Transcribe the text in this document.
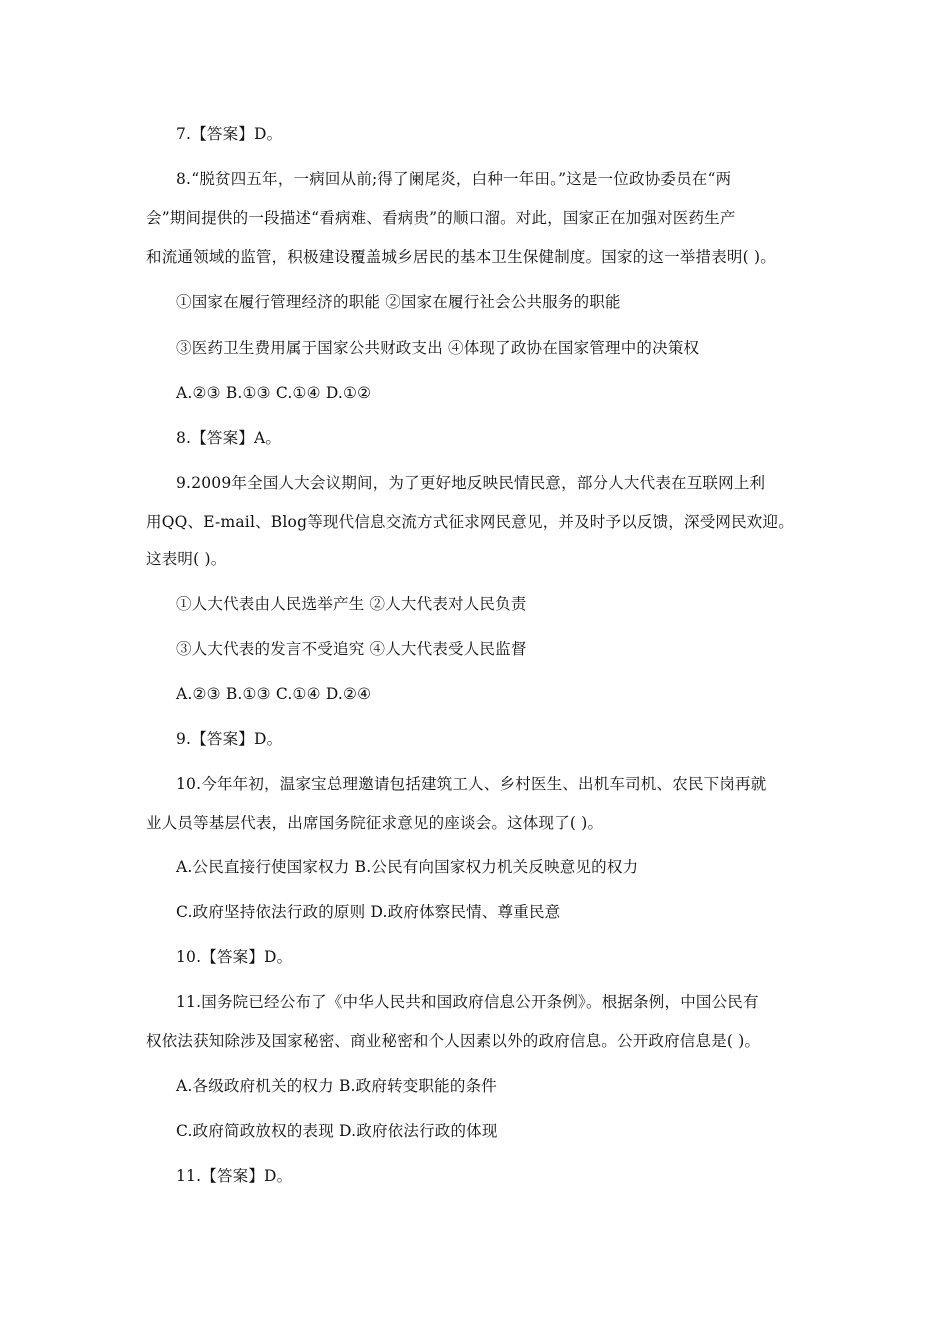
7.【答案】D。
8.“脱贫四五年，一病回从前;得了阑尾炎，白种一年田。”这是一位政协委员在“两
会”期间提供的一段描述“看病难、看病贵”的顺口溜。对此，国家正在加强对医药生产
和流通领域的监管，积极建设覆盖城乡居民的基本卫生保健制度。国家的这一举措表明( )。
①国家在履行管理经济的职能 ②国家在履行社会公共服务的职能
③医药卫生费用属于国家公共财政支出 ④体现了政协在国家管理中的决策权
A.②③ B.①③ C.①④ D.①②
8.【答案】A。
9.2009年全国人大会议期间，为了更好地反映民情民意，部分人大代表在互联网上利
用QQ、E-mail、Blog等现代信息交流方式征求网民意见，并及时予以反馈，深受网民欢迎。
这表明( )。
①人大代表由人民选举产生 ②人大代表对人民负责
③人大代表的发言不受追究 ④人大代表受人民监督
A.②③ B.①③ C.①④ D.②④
9.【答案】D。
10.今年年初，温家宝总理邀请包括建筑工人、乡村医生、出机车司机、农民下岗再就
业人员等基层代表，出席国务院征求意见的座谈会。这体现了( )。
A.公民直接行使国家权力 B.公民有向国家权力机关反映意见的权力
C.政府坚持依法行政的原则 D.政府体察民情、尊重民意
10.【答案】D。
11.国务院已经公布了《中华人民共和国政府信息公开条例》。根据条例，中国公民有
权依法获知除涉及国家秘密、商业秘密和个人因素以外的政府信息。公开政府信息是( )。
A.各级政府机关的权力 B.政府转变职能的条件
C.政府简政放权的表现 D.政府依法行政的体现
11.【答案】D。
